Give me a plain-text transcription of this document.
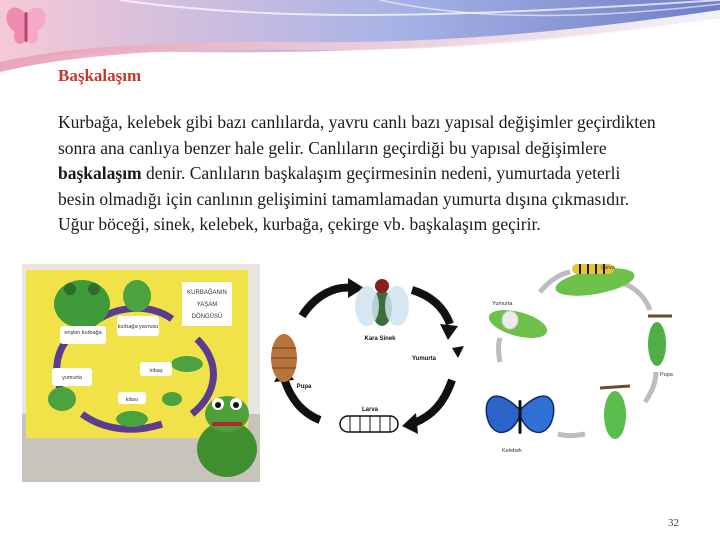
Başkalaşım

Kurbağa, kelebek gibi bazı canlılarda, yavru canlı bazı yapısal değişimler geçirdikten sonra ana canlıya benzer hale gelir. Canlıların geçirdiği bu yapısal değişimlere başkalaşım denir. Canlıların başkalaşım geçirmesinin nedeni, yumurtada yeterli besin olmadığı için canlının gelişimini tamamlamadan yumurta dışına çıkmasıdır. Uğur böceği, sinek, kelebek, kurbağa, çekirge vb. başkalaşım geçirir.

erişkin kurbağa
kurbağa yavrusu
yumurta
iribaş
kilası
KURBAĞANIN
YAŞAM
DÖNGÜSÜ
Kara Sinek
Yumurta
Larva
Pupa
Larva
Yumurta
Pupa
Kelebek
32
